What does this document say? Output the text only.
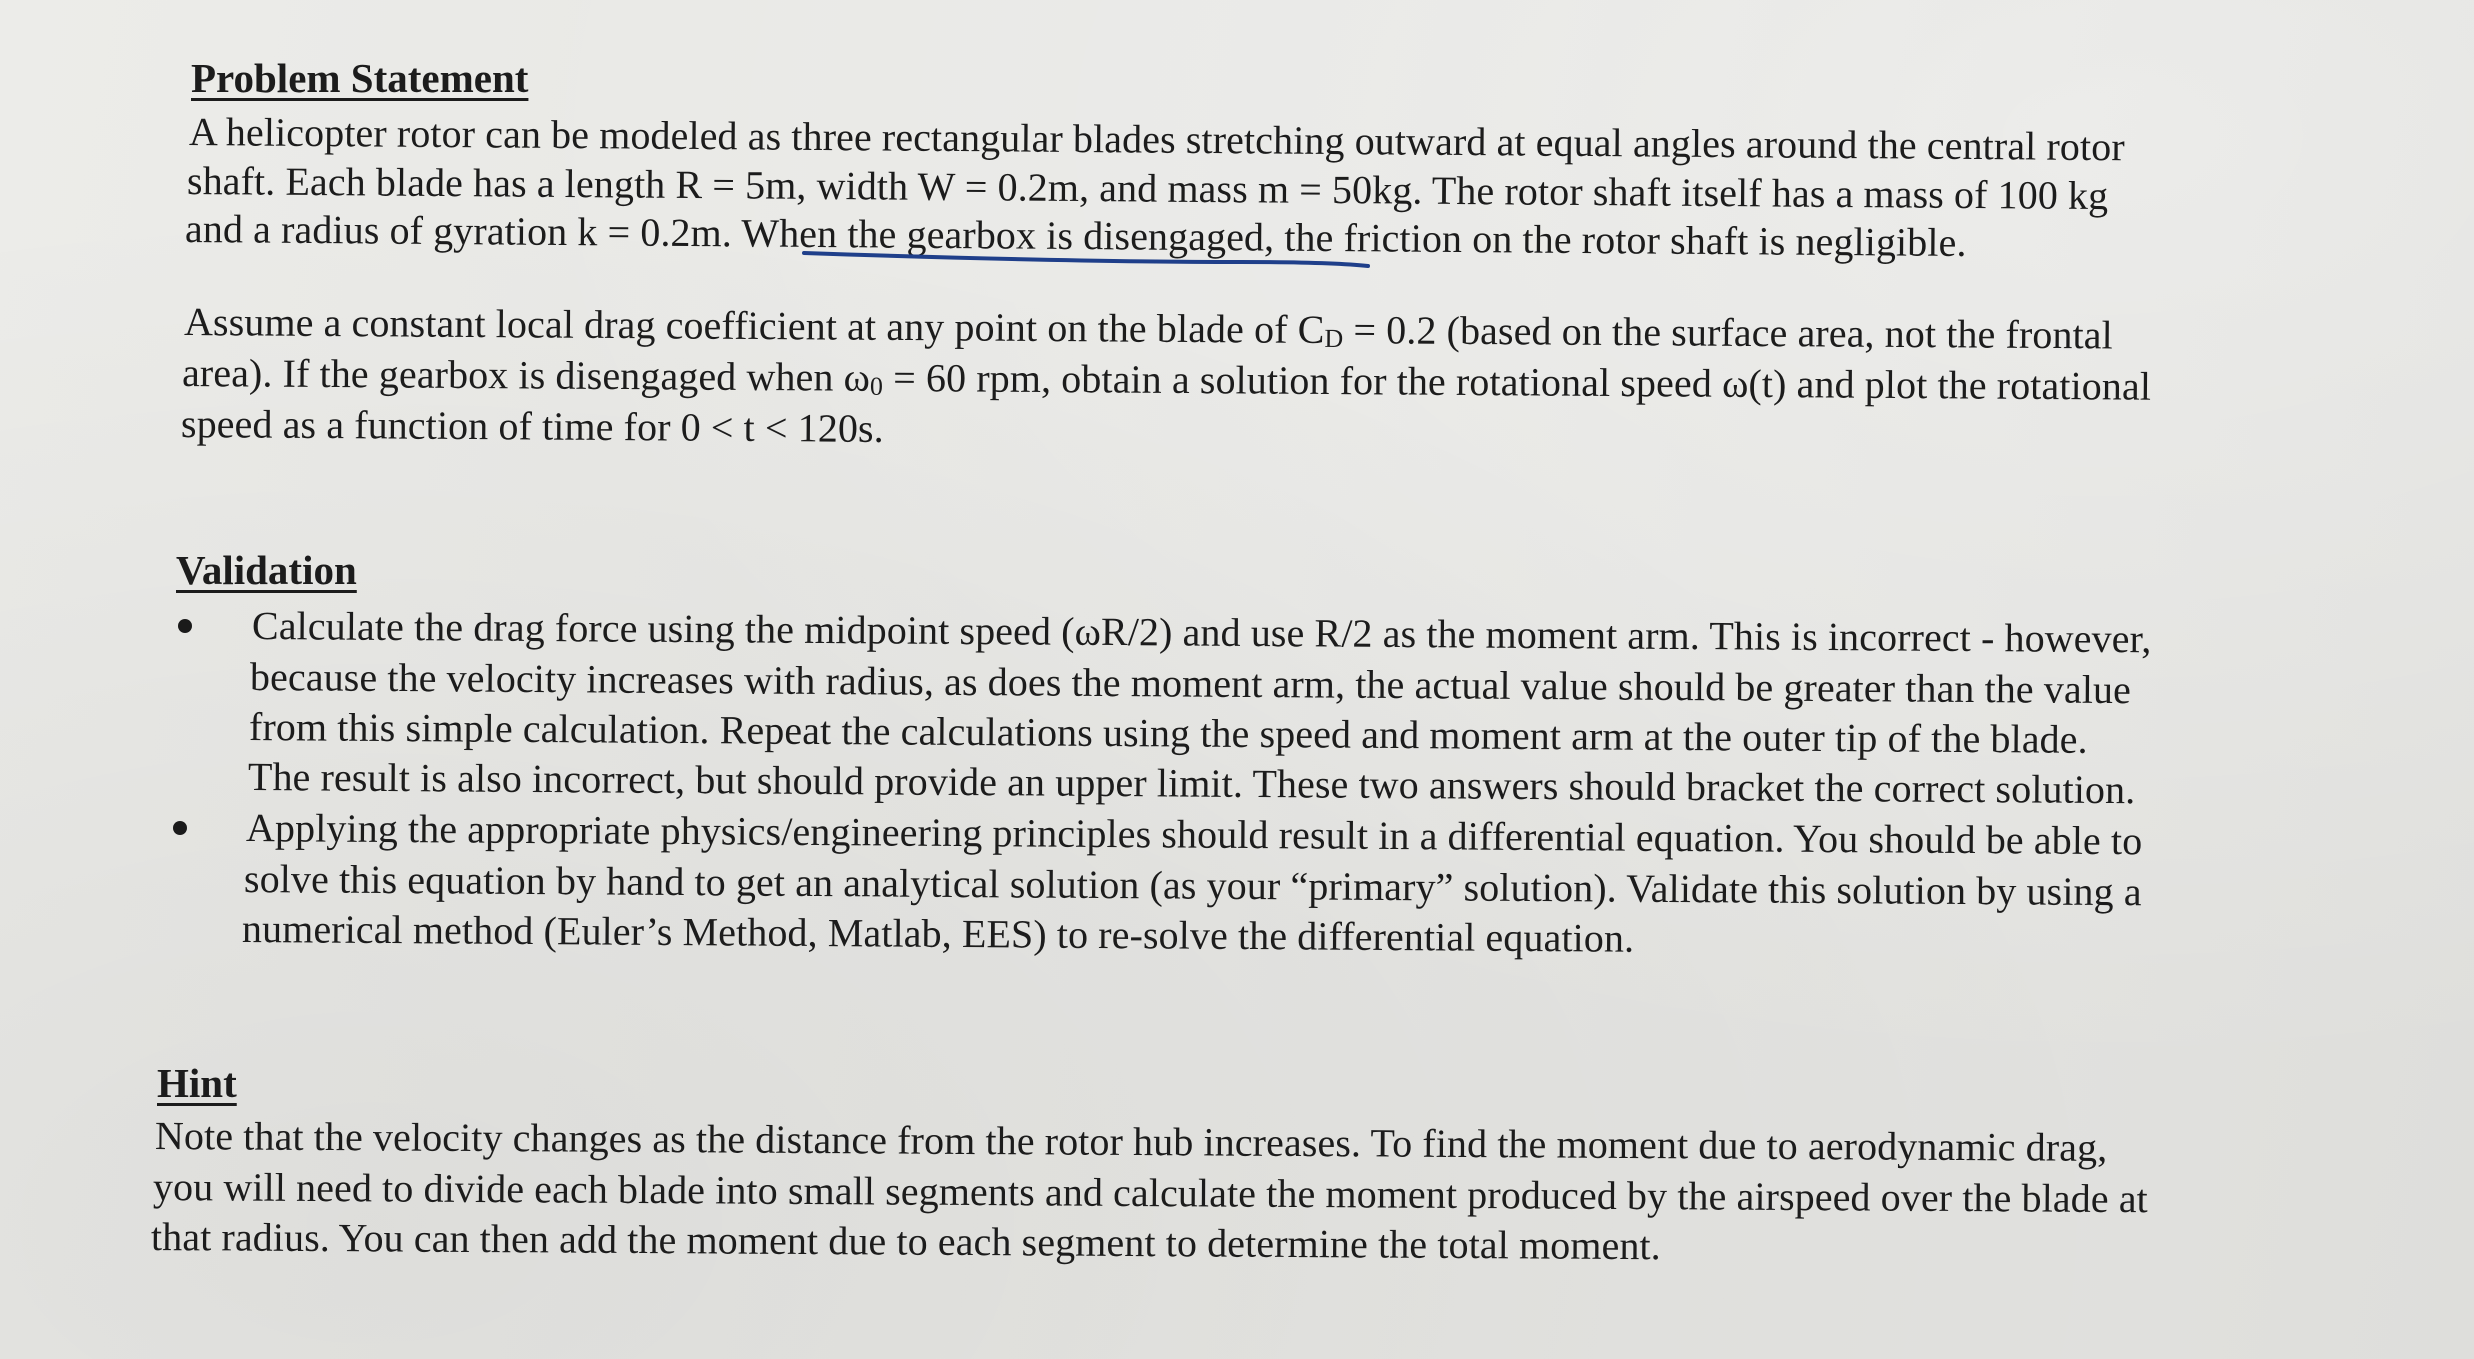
Problem Statement
A helicopter rotor can be modeled as three rectangular blades stretching outward at equal angles around the central rotor
shaft. Each blade has a length R = 5m, width W = 0.2m, and mass m = 50kg. The rotor shaft itself has a mass of 100 kg
and a radius of gyration k = 0.2m. When the gearbox is disengaged, the friction on the rotor shaft is negligible.
Assume a constant local drag coefficient at any point on the blade of $C_D = 0.2$ (based on the surface area, not the frontal
area). If the gearbox is disengaged when $\omega_0 = 60$ rpm, obtain a solution for the rotational speed ω(t) and plot the rotational
speed as a function of time for 0 < t < 120s.
Validation
Calculate the drag force using the midpoint speed (ωR/2) and use R/2 as the moment arm. This is incorrect - however,
because the velocity increases with radius, as does the moment arm, the actual value should be greater than the value
from this simple calculation. Repeat the calculations using the speed and moment arm at the outer tip of the blade.
The result is also incorrect, but should provide an upper limit. These two answers should bracket the correct solution.
Applying the appropriate physics/engineering principles should result in a differential equation. You should be able to
solve this equation by hand to get an analytical solution (as your “primary” solution). Validate this solution by using a
numerical method (Euler’s Method, Matlab, EES) to re-solve the differential equation.
Hint
Note that the velocity changes as the distance from the rotor hub increases. To find the moment due to aerodynamic drag,
you will need to divide each blade into small segments and calculate the moment produced by the airspeed over the blade at
that radius. You can then add the moment due to each segment to determine the total moment.
